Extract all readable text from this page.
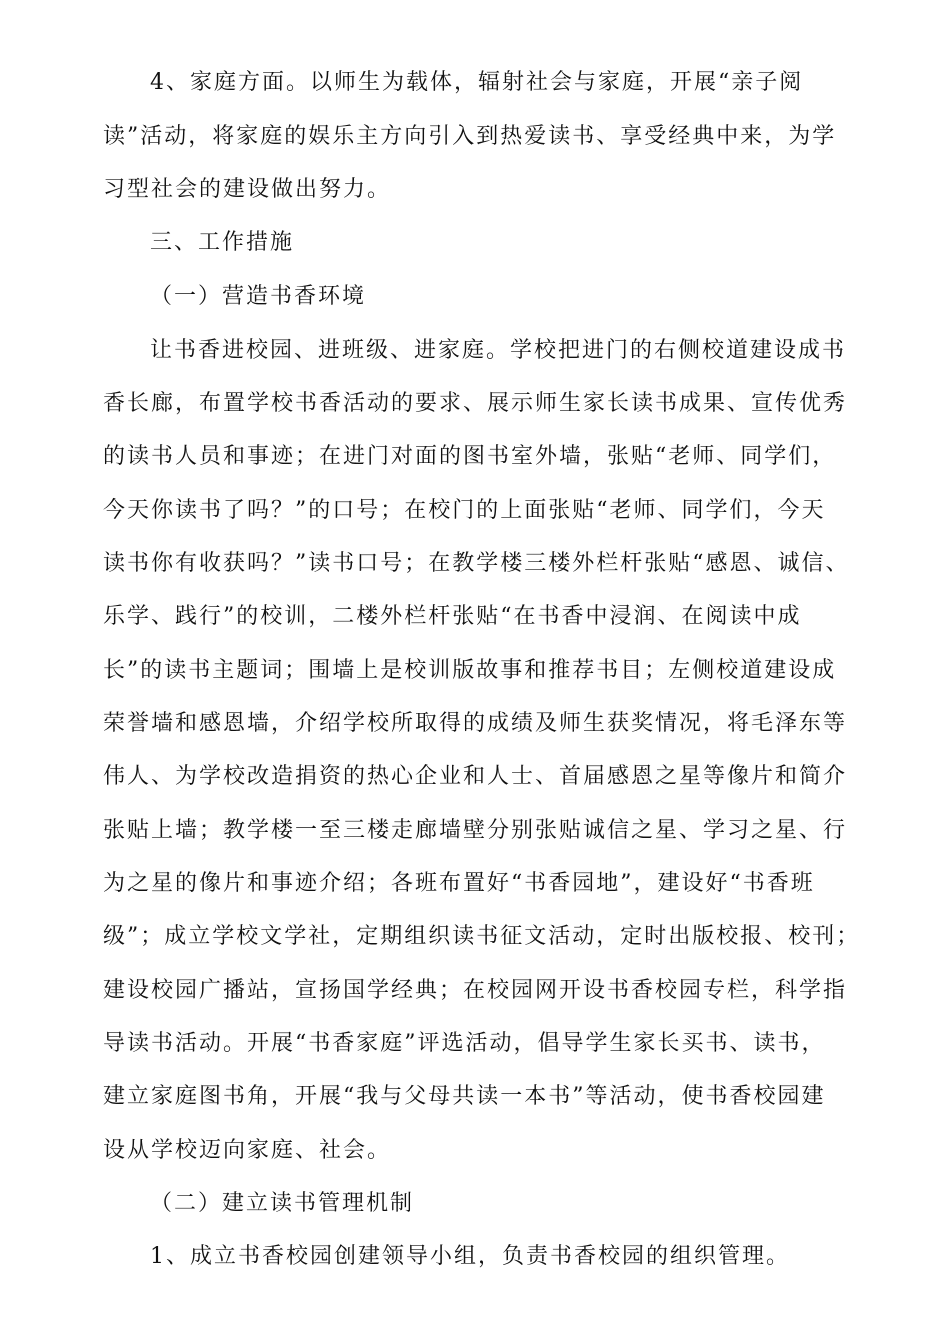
4、家庭方面。以师生为载体，辐射社会与家庭，开展“亲子阅
读”活动，将家庭的娱乐主方向引入到热爱读书、享受经典中来，为学
习型社会的建设做出努力。
三、工作措施
（一）营造书香环境
让书香进校园、进班级、进家庭。学校把进门的右侧校道建设成书
香长廊，布置学校书香活动的要求、展示师生家长读书成果、宣传优秀
的读书人员和事迹；在进门对面的图书室外墙，张贴“老师、同学们，
今天你读书了吗？”的口号；在校门的上面张贴“老师、同学们，今天
读书你有收获吗？”读书口号；在教学楼三楼外栏杆张贴“感恩、诚信、
乐学、践行”的校训，二楼外栏杆张贴“在书香中浸润、在阅读中成
长”的读书主题词；围墙上是校训版故事和推荐书目；左侧校道建设成
荣誉墙和感恩墙，介绍学校所取得的成绩及师生获奖情况，将毛泽东等
伟人、为学校改造捐资的热心企业和人士、首届感恩之星等像片和简介
张贴上墙；教学楼一至三楼走廊墙壁分别张贴诚信之星、学习之星、行
为之星的像片和事迹介绍；各班布置好“书香园地”，建设好“书香班
级”；成立学校文学社，定期组织读书征文活动，定时出版校报、校刊；
建设校园广播站，宣扬国学经典；在校园网开设书香校园专栏，科学指
导读书活动。开展“书香家庭”评选活动，倡导学生家长买书、读书，
建立家庭图书角，开展“我与父母共读一本书”等活动，使书香校园建
设从学校迈向家庭、社会。
（二）建立读书管理机制
1、成立书香校园创建领导小组，负责书香校园的组织管理。
